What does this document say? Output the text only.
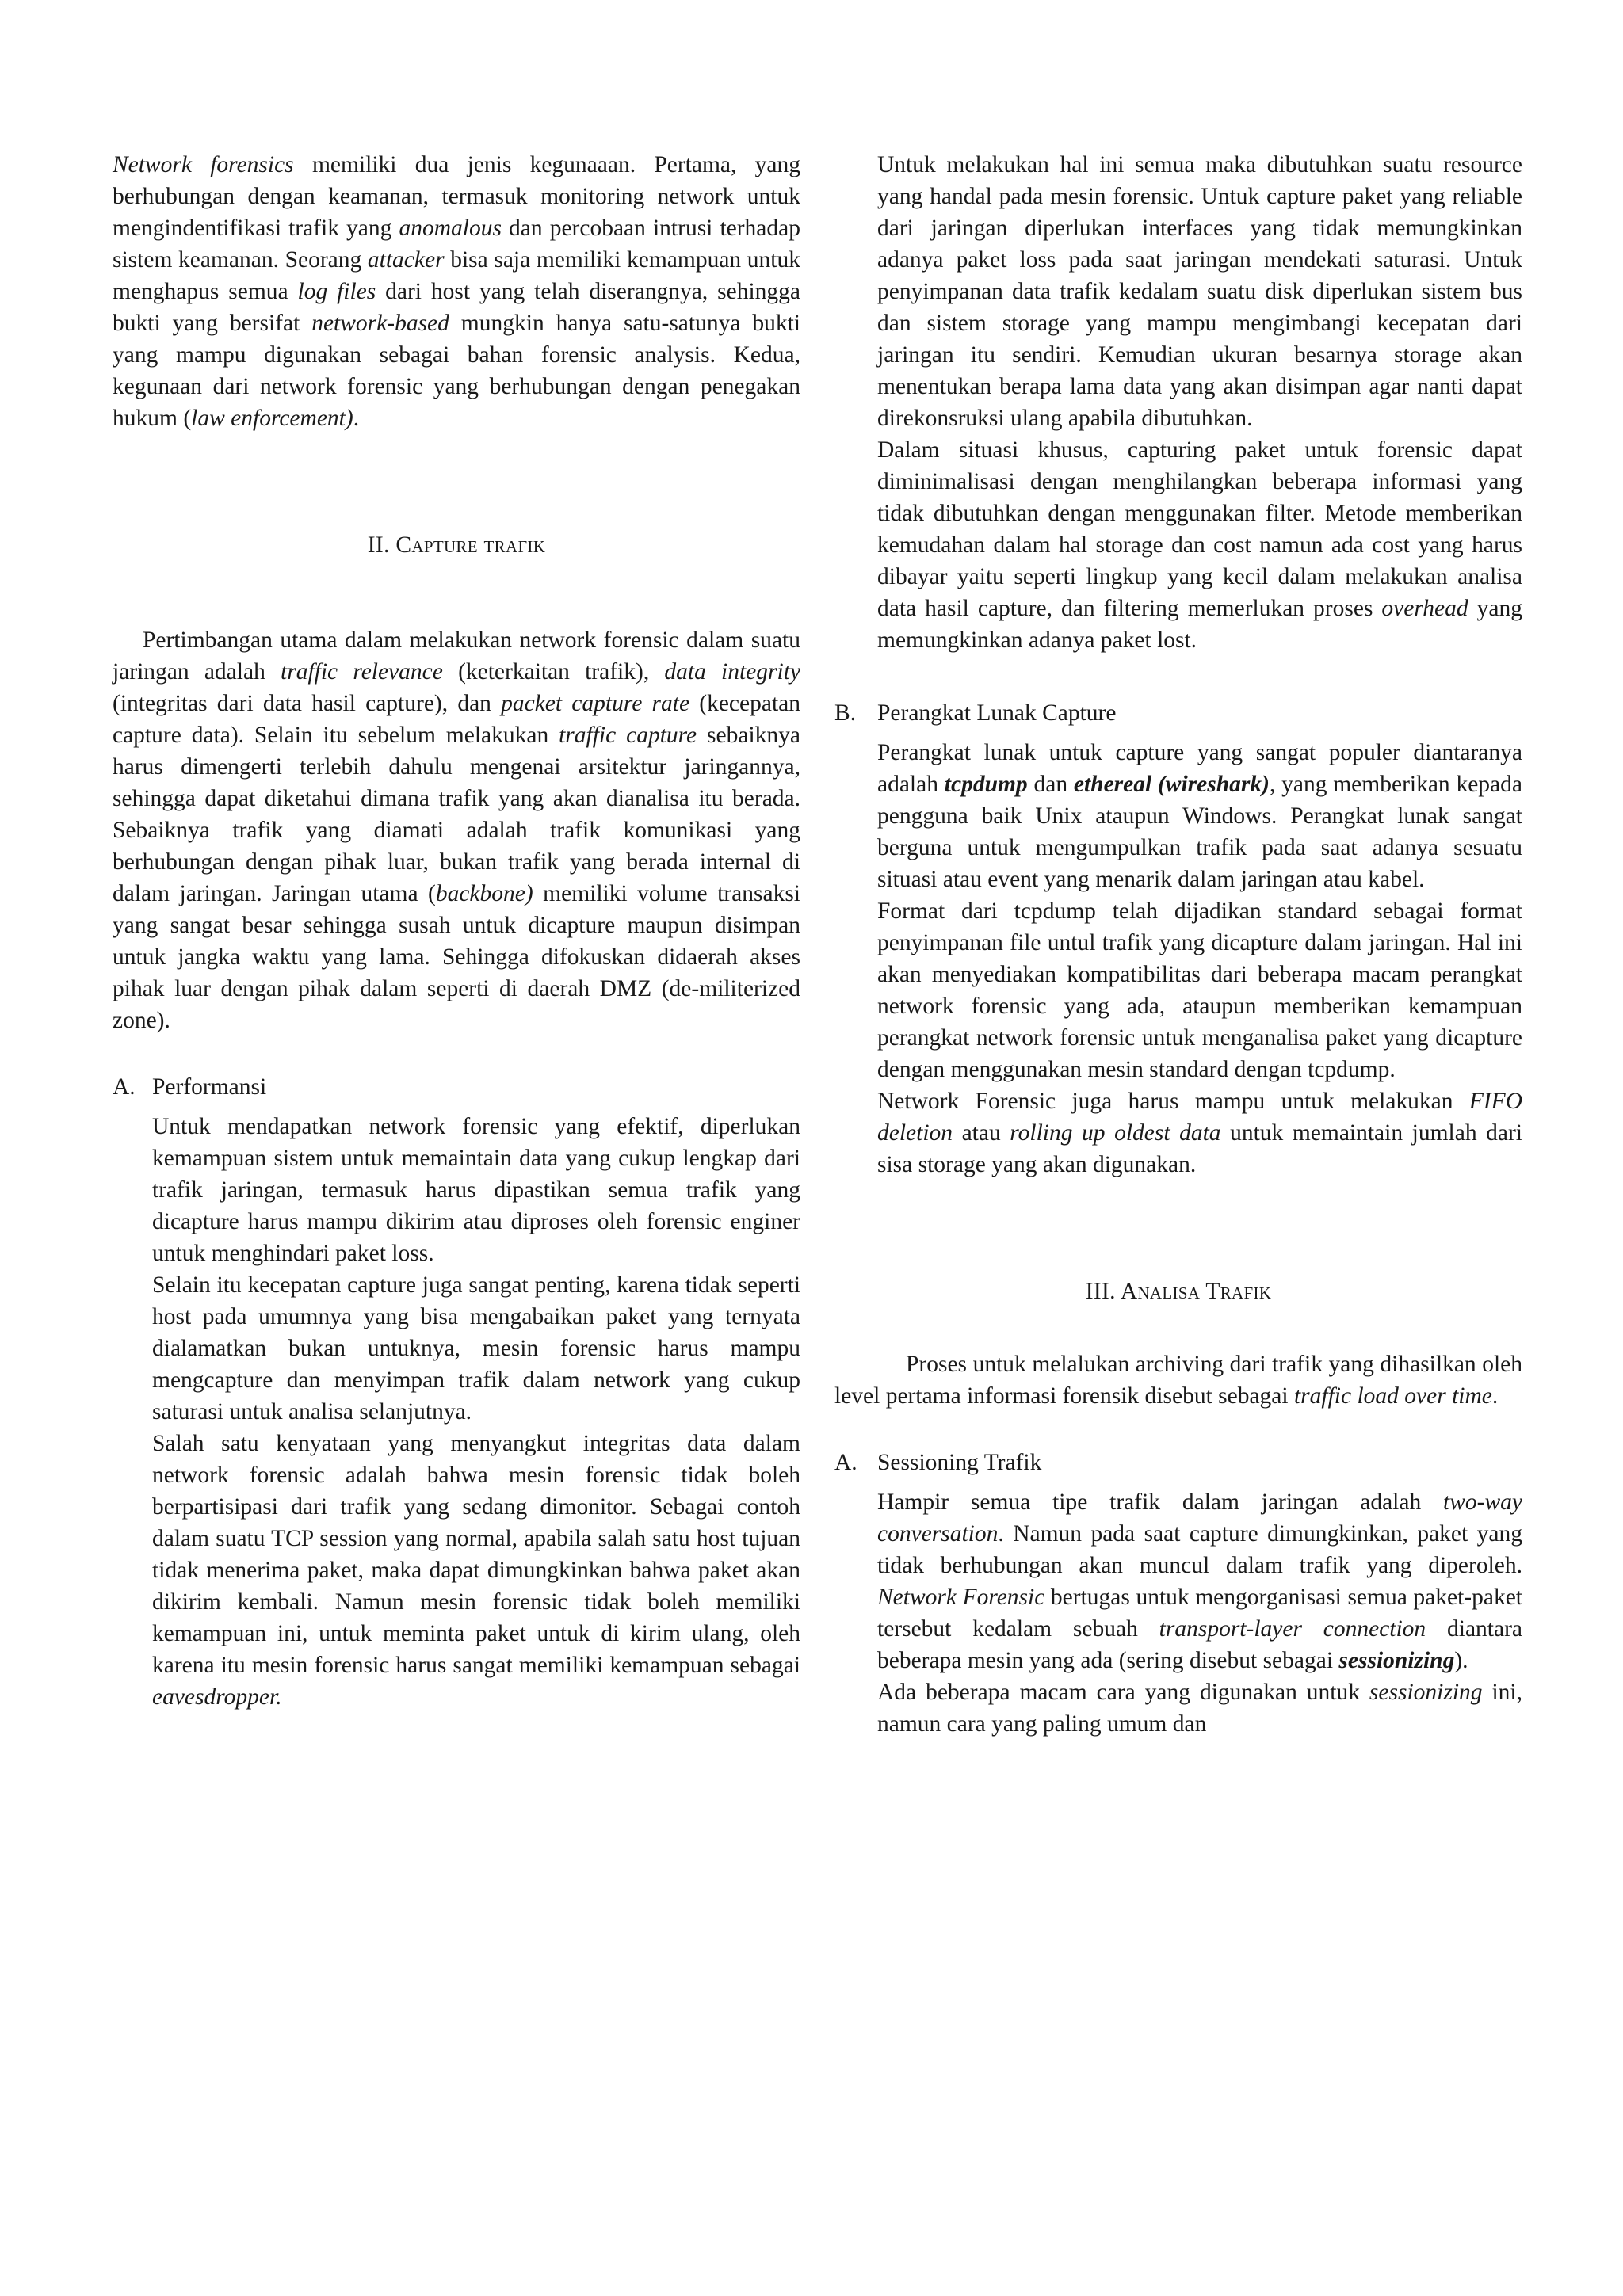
Network forensics memiliki dua jenis kegunaaan. Pertama, yang berhubungan dengan keamanan, termasuk monitoring network untuk mengindentifikasi trafik yang anomalous dan percobaan intrusi terhadap sistem keamanan. Seorang attacker bisa saja memiliki kemampuan untuk menghapus semua log files dari host yang telah diserangnya, sehingga bukti yang bersifat network-based mungkin hanya satu-satunya bukti yang mampu digunakan sebagai bahan forensic analysis. Kedua, kegunaan dari network forensic yang berhubungan dengan penegakan hukum (law enforcement).

II. Capture trafik

Pertimbangan utama dalam melakukan network forensic dalam suatu jaringan adalah traffic relevance (keterkaitan trafik), data integrity (integritas dari data hasil capture), dan packet capture rate (kecepatan capture data). Selain itu sebelum melakukan traffic capture sebaiknya harus dimengerti terlebih dahulu mengenai arsitektur jaringannya, sehingga dapat diketahui dimana trafik yang akan dianalisa itu berada. Sebaiknya trafik yang diamati adalah trafik komunikasi yang berhubungan dengan pihak luar, bukan trafik yang berada internal di dalam jaringan. Jaringan utama (backbone) memiliki volume transaksi yang sangat besar sehingga susah untuk dicapture maupun disimpan untuk jangka waktu yang lama. Sehingga difokuskan didaerah akses pihak luar dengan pihak dalam seperti di daerah DMZ (de-militerized zone).

A. Performansi

Untuk mendapatkan network forensic yang efektif, diperlukan kemampuan sistem untuk memaintain data yang cukup lengkap dari trafik jaringan, termasuk harus dipastikan semua trafik yang dicapture harus mampu dikirim atau diproses oleh forensic enginer untuk menghindari paket loss.

Selain itu kecepatan capture juga sangat penting, karena tidak seperti host pada umumnya yang bisa mengabaikan paket yang ternyata dialamatkan bukan untuknya, mesin forensic harus mampu mengcapture dan menyimpan trafik dalam network yang cukup saturasi untuk analisa selanjutnya.

Salah satu kenyataan yang menyangkut integritas data dalam network forensic adalah bahwa mesin forensic tidak boleh berpartisipasi dari trafik yang sedang dimonitor. Sebagai contoh dalam suatu TCP session yang normal, apabila salah satu host tujuan tidak menerima paket, maka dapat dimungkinkan bahwa paket akan dikirim kembali. Namun mesin forensic tidak boleh memiliki kemampuan ini, untuk meminta paket untuk di kirim ulang, oleh karena itu mesin forensic harus sangat memiliki kemampuan sebagai eavesdropper.

Untuk melakukan hal ini semua maka dibutuhkan suatu resource yang handal pada mesin forensic. Untuk capture paket yang reliable dari jaringan diperlukan interfaces yang tidak memungkinkan adanya paket loss pada saat jaringan mendekati saturasi. Untuk penyimpanan data trafik kedalam suatu disk diperlukan sistem bus dan sistem storage yang mampu mengimbangi kecepatan dari jaringan itu sendiri. Kemudian ukuran besarnya storage akan menentukan berapa lama data yang akan disimpan agar nanti dapat direkonsruksi ulang apabila dibutuhkan.

Dalam situasi khusus, capturing paket untuk forensic dapat diminimalisasi dengan menghilangkan beberapa informasi yang tidak dibutuhkan dengan menggunakan filter. Metode memberikan kemudahan dalam hal storage dan cost namun ada cost yang harus dibayar yaitu seperti lingkup yang kecil dalam melakukan analisa data hasil capture, dan filtering memerlukan proses overhead yang memungkinkan adanya paket lost.

B. Perangkat Lunak Capture

Perangkat lunak untuk capture yang sangat populer diantaranya adalah tcpdump dan ethereal (wireshark), yang memberikan kepada pengguna baik Unix ataupun Windows. Perangkat lunak sangat berguna untuk mengumpulkan trafik pada saat adanya sesuatu situasi atau event yang menarik dalam jaringan atau kabel.

Format dari tcpdump telah dijadikan standard sebagai format penyimpanan file untul trafik yang dicapture dalam jaringan. Hal ini akan menyediakan kompatibilitas dari beberapa macam perangkat network forensic yang ada, ataupun memberikan kemampuan perangkat network forensic untuk menganalisa paket yang dicapture dengan menggunakan mesin standard dengan tcpdump.

Network Forensic juga harus mampu untuk melakukan FIFO deletion atau rolling up oldest data untuk memaintain jumlah dari sisa storage yang akan digunakan.

III. Analisa Trafik

Proses untuk melalukan archiving dari trafik yang dihasilkan oleh level pertama informasi forensik disebut sebagai traffic load over time.

A. Sessioning Trafik

Hampir semua tipe trafik dalam jaringan adalah two-way conversation. Namun pada saat capture dimungkinkan, paket yang tidak berhubungan akan muncul dalam trafik yang diperoleh. Network Forensic bertugas untuk mengorganisasi semua paket-paket tersebut kedalam sebuah transport-layer connection diantara beberapa mesin yang ada (sering disebut sebagai sessionizing).

Ada beberapa macam cara yang digunakan untuk sessionizing ini, namun cara yang paling umum dan
